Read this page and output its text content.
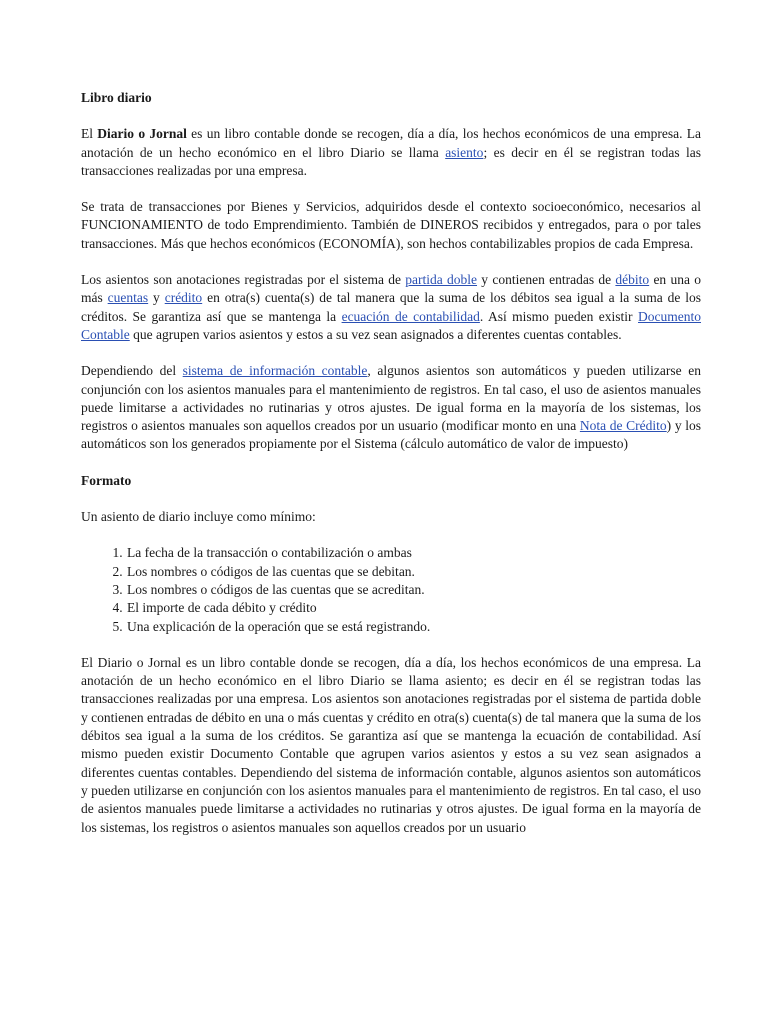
Libro diario

El Diario o Jornal es un libro contable donde se recogen, día a día, los hechos económicos de una empresa. La anotación de un hecho económico en el libro Diario se llama asiento; es decir en él se registran todas las transacciones realizadas por una empresa.

Se trata de transacciones por Bienes y Servicios, adquiridos desde el contexto socioeconómico, necesarios al FUNCIONAMIENTO de todo Emprendimiento. También de DINEROS recibidos y entregados, para o por tales transacciones. Más que hechos económicos (ECONOMÍA), son hechos contabilizables propios de cada Empresa.

Los asientos son anotaciones registradas por el sistema de partida doble y contienen entradas de débito en una o más cuentas y crédito en otra(s) cuenta(s) de tal manera que la suma de los débitos sea igual a la suma de los créditos. Se garantiza así que se mantenga la ecuación de contabilidad. Así mismo pueden existir Documento Contable que agrupen varios asientos y estos a su vez sean asignados a diferentes cuentas contables.

Dependiendo del sistema de información contable, algunos asientos son automáticos y pueden utilizarse en conjunción con los asientos manuales para el mantenimiento de registros. En tal caso, el uso de asientos manuales puede limitarse a actividades no rutinarias y otros ajustes. De igual forma en la mayoría de los sistemas, los registros o asientos manuales son aquellos creados por un usuario (modificar monto en una Nota de Crédito) y los automáticos son los generados propiamente por el Sistema (cálculo automático de valor de impuesto)

Formato

Un asiento de diario incluye como mínimo:

1. La fecha de la transacción o contabilización o ambas
2. Los nombres o códigos de las cuentas que se debitan.
3. Los nombres o códigos de las cuentas que se acreditan.
4. El importe de cada débito y crédito
5. Una explicación de la operación que se está registrando.

El Diario o Jornal es un libro contable donde se recogen, día a día, los hechos económicos de una empresa. La anotación de un hecho económico en el libro Diario se llama asiento; es decir en él se registran todas las transacciones realizadas por una empresa. Los asientos son anotaciones registradas por el sistema de partida doble y contienen entradas de débito en una o más cuentas y crédito en otra(s) cuenta(s) de tal manera que la suma de los débitos sea igual a la suma de los créditos. Se garantiza así que se mantenga la ecuación de contabilidad. Así mismo pueden existir Documento Contable que agrupen varios asientos y estos a su vez sean asignados a diferentes cuentas contables. Dependiendo del sistema de información contable, algunos asientos son automáticos y pueden utilizarse en conjunción con los asientos manuales para el mantenimiento de registros. En tal caso, el uso de asientos manuales puede limitarse a actividades no rutinarias y otros ajustes. De igual forma en la mayoría de los sistemas, los registros o asientos manuales son aquellos creados por un usuario
